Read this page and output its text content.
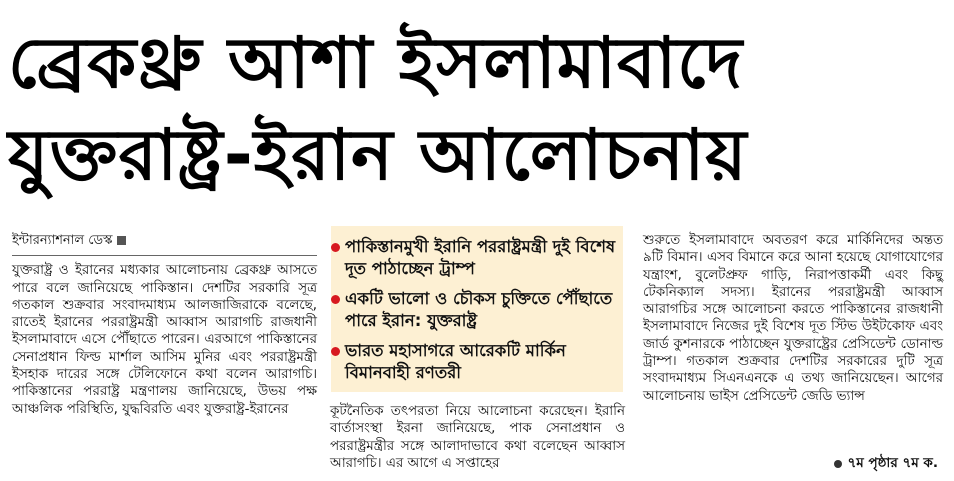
ব্রেকথ্রু আশা ইসলামাবাদে
যুক্তরাষ্ট্র-ইরান আলোচনায়
ইন্টারন্যাশনাল ডেস্ক
যুক্তরাষ্ট্র ও ইরানের মধ্যকার আলোচনায় ব্রেকথ্রু আসতে পারে বলে জানিয়েছে পাকিস্তান। দেশটির সরকারি সূত্র গতকাল শুক্রবার সংবাদমাধ্যম আলজাজিরাকে বলেছে, রাতেই ইরানের পররাষ্ট্রমন্ত্রী আব্বাস আরাগচি রাজধানী ইসলামাবাদে এসে পৌঁছাতে পারেন। এরআগে পাকিস্তানের সেনাপ্রধান ফিল্ড মার্শাল আসিম মুনির এবং পররাষ্ট্রমন্ত্রী ইসহাক দারের সঙ্গে টেলিফোনে কথা বলেন আরাগচি। পাকিস্তানের পররাষ্ট্র মন্ত্রণালয় জানিয়েছে, উভয় পক্ষ আঞ্চলিক পরিস্থিতি, যুদ্ধবিরতি এবং যুক্তরাষ্ট্র-ইরানের
পাকিস্তানমুখী ইরানি পররাষ্ট্রমন্ত্রী দুই বিশেষ দূত পাঠাচ্ছেন ট্রাম্প
একটি ভালো ও চৌকস চুক্তিতে পৌঁছাতে পারে ইরান: যুক্তরাষ্ট্র
ভারত মহাসাগরে আরেকটি মার্কিন বিমানবাহী রণতরী
কূটনৈতিক তৎপরতা নিয়ে আলোচনা করেছেন। ইরানি বার্তাসংস্থা ইরনা জানিয়েছে, পাক সেনাপ্রধান ও পররাষ্ট্রমন্ত্রীর সঙ্গে আলাদাভাবে কথা বলেছেন আব্বাস আরাগচি। এর আগে এ সপ্তাহের
শুরুতে ইসলামাবাদে অবতরণ করে মার্কিনিদের অন্তত ৯টি বিমান। এসব বিমানে করে আনা হয়েছে যোগাযোগের যন্ত্রাংশ, বুলেটপ্রুফ গাড়ি, নিরাপত্তাকর্মী এবং কিছু টেকনিক্যাল সদস্য। ইরানের পররাষ্ট্রমন্ত্রী আব্বাস আরাগচির সঙ্গে আলোচনা করতে পাকিস্তানের রাজধানী ইসলামাবাদে নিজের দুই বিশেষ দূত স্টিভ উইটকোফ এবং জার্ড কুশনারকে পাঠাচ্ছেন যুক্তরাষ্ট্রের প্রেসিডেন্ট ডোনাল্ড ট্রাম্প। গতকাল শুক্রবার দেশটির সরকারের দুটি সূত্র সংবাদমাধ্যম সিএনএনকে এ তথ্য জানিয়েছেন। আগের আলোচনায় ভাইস প্রেসিডেন্ট জেডি ভ্যান্স
৭ম পৃষ্ঠার ৭ম ক.
